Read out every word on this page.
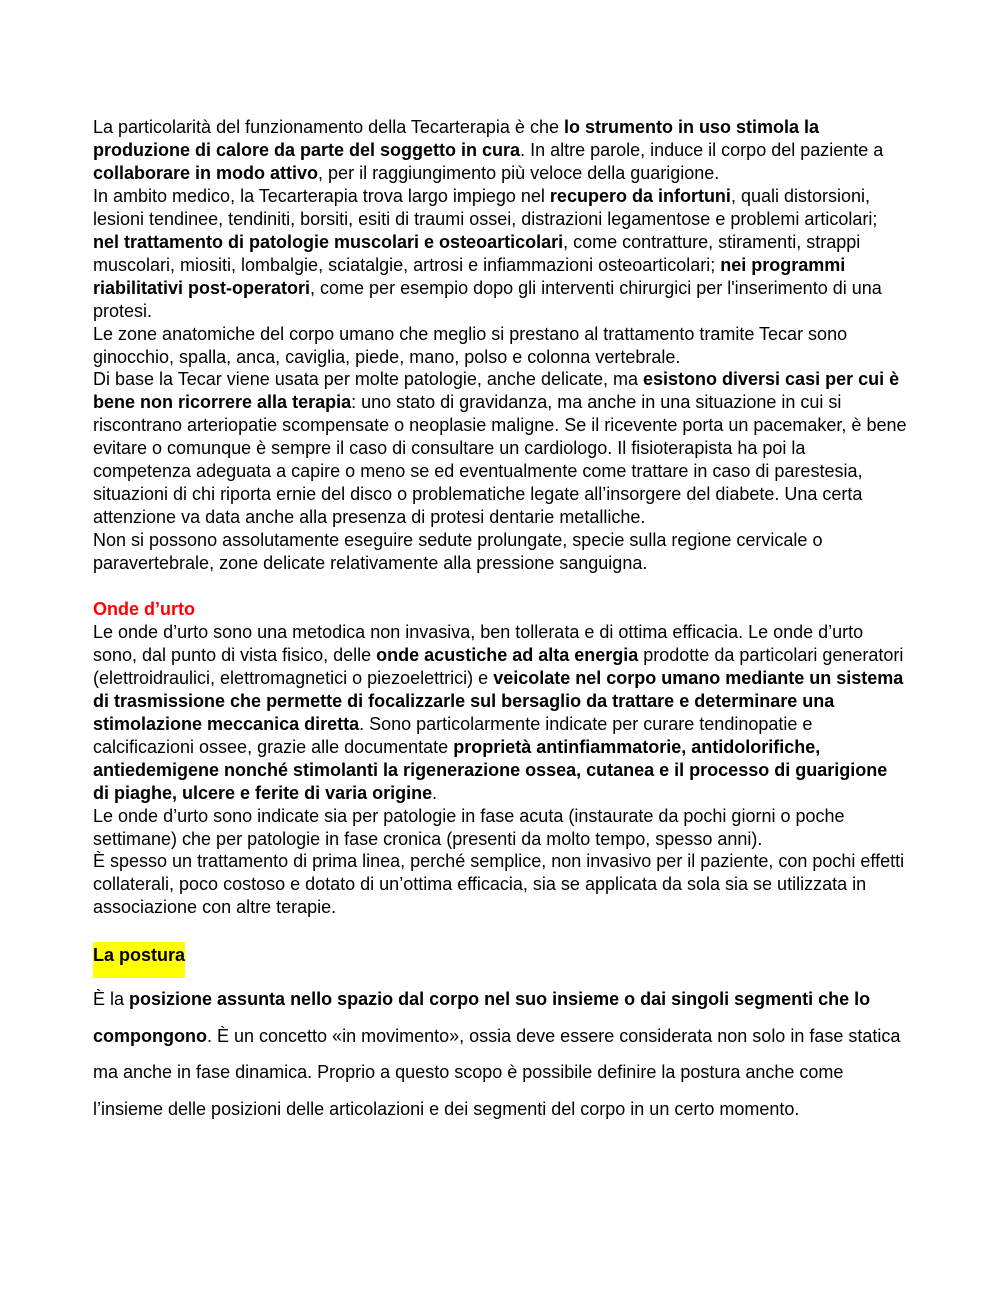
La particolarità del funzionamento della Tecarterapia è che lo strumento in uso stimola la produzione di calore da parte del soggetto in cura. In altre parole, induce il corpo del paziente a collaborare in modo attivo, per il raggiungimento più veloce della guarigione.

In ambito medico, la Tecarterapia trova largo impiego nel recupero da infortuni, quali distorsioni, lesioni tendinee, tendiniti, borsiti, esiti di traumi ossei, distrazioni legamentose e problemi articolari; nel trattamento di patologie muscolari e osteoarticolari, come contratture, stiramenti, strappi muscolari, miositi, lombalgie, sciatalgie, artrosi e infiammazioni osteoarticolari; nei programmi riabilitativi post-operatori, come per esempio dopo gli interventi chirurgici per l'inserimento di una protesi.

Le zone anatomiche del corpo umano che meglio si prestano al trattamento tramite Tecar sono ginocchio, spalla, anca, caviglia, piede, mano, polso e colonna vertebrale.

Di base la Tecar viene usata per molte patologie, anche delicate, ma esistono diversi casi per cui è bene non ricorrere alla terapia: uno stato di gravidanza, ma anche in una situazione in cui si riscontrano arteriopatie scompensate o neoplasie maligne. Se il ricevente porta un pacemaker, è bene evitare o comunque è sempre il caso di consultare un cardiologo. Il fisioterapista ha poi la competenza adeguata a capire o meno se ed eventualmente come trattare in caso di parestesia, situazioni di chi riporta ernie del disco o problematiche legate all’insorgere del diabete. Una certa attenzione va data anche alla presenza di protesi dentarie metalliche.

Non si possono assolutamente eseguire sedute prolungate, specie sulla regione cervicale o paravertebrale, zone delicate relativamente alla pressione sanguigna.

Onde d’urto

Le onde d’urto sono una metodica non invasiva, ben tollerata e di ottima efficacia. Le onde d’urto sono, dal punto di vista fisico, delle onde acustiche ad alta energia prodotte da particolari generatori (elettroidraulici, elettromagnetici o piezoelettrici) e veicolate nel corpo umano mediante un sistema di trasmissione che permette di focalizzarle sul bersaglio da trattare e determinare una stimolazione meccanica diretta. Sono particolarmente indicate per curare tendinopatie e calcificazioni ossee, grazie alle documentate proprietà antinfiammatorie, antidolorifiche, antiedemigene nonché stimolanti la rigenerazione ossea, cutanea e il processo di guarigione di piaghe, ulcere e ferite di varia origine.

Le onde d’urto sono indicate sia per patologie in fase acuta (instaurate da pochi giorni o poche settimane) che per patologie in fase cronica (presenti da molto tempo, spesso anni).

È spesso un trattamento di prima linea, perché semplice, non invasivo per il paziente, con pochi effetti collaterali, poco costoso e dotato di un’ottima efficacia, sia se applicata da sola sia se utilizzata in associazione con altre terapie.

La postura

È la posizione assunta nello spazio dal corpo nel suo insieme o dai singoli segmenti che lo compongono. È un concetto «in movimento», ossia deve essere considerata non solo in fase statica ma anche in fase dinamica. Proprio a questo scopo è possibile definire la postura anche come l’insieme delle posizioni delle articolazioni e dei segmenti del corpo in un certo momento.
